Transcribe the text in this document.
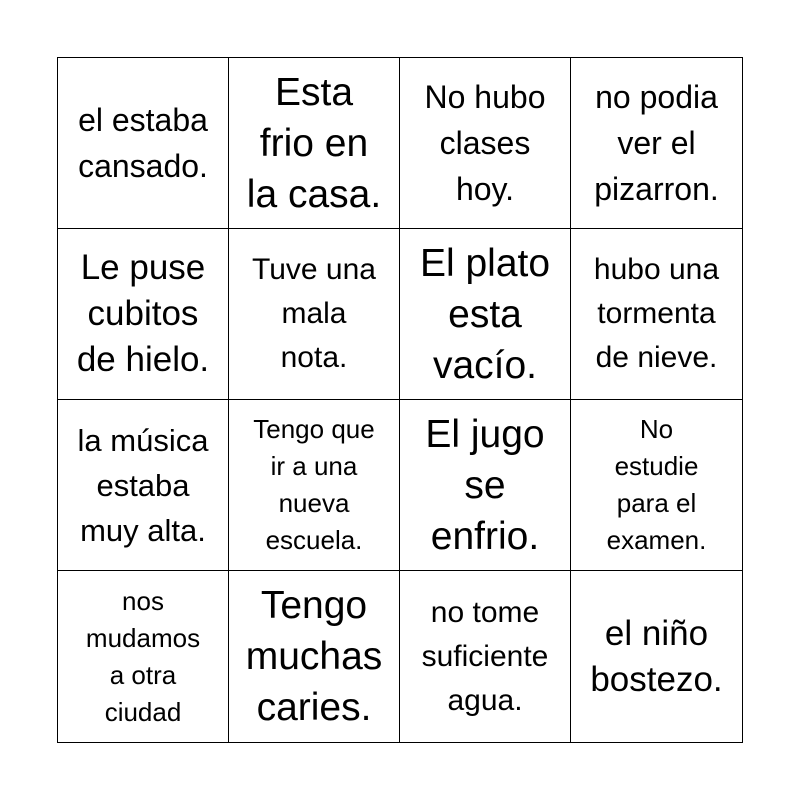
el estaba
cansado.
Esta
frio en
la casa.
No hubo
clases
hoy.
no podia
ver el
pizarron.
Le puse
cubitos
de hielo.
Tuve una
mala
nota.
El plato
esta
vacío.
hubo una
tormenta
de nieve.
la música
estaba
muy alta.
Tengo que
ir a una
nueva
escuela.
El jugo
se
enfrio.
No
estudie
para el
examen.
nos
mudamos
a otra
ciudad
Tengo
muchas
caries.
no tome
suficiente
agua.
el niño
bostezo.
